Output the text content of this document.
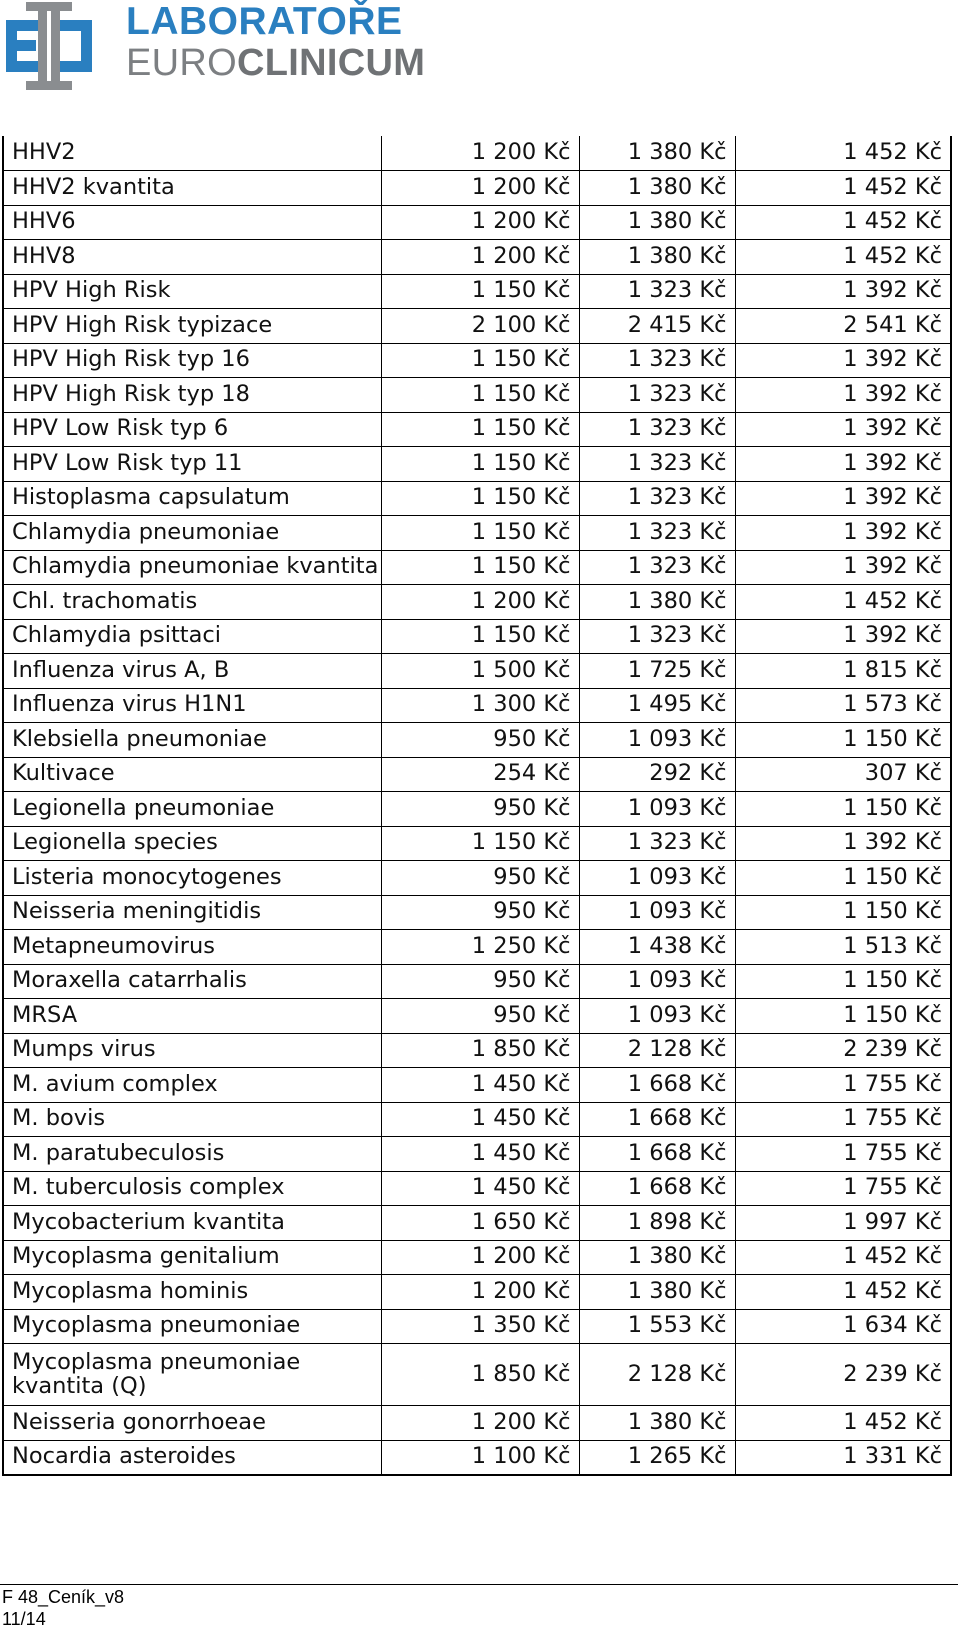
LABORATOŘE
EUROCLINICUM
HHV2	1 200 Kč	1 380 Kč	1 452 Kč
HHV2 kvantita	1 200 Kč	1 380 Kč	1 452 Kč
HHV6	1 200 Kč	1 380 Kč	1 452 Kč
HHV8	1 200 Kč	1 380 Kč	1 452 Kč
HPV High Risk	1 150 Kč	1 323 Kč	1 392 Kč
HPV High Risk typizace	2 100 Kč	2 415 Kč	2 541 Kč
HPV High Risk typ 16	1 150 Kč	1 323 Kč	1 392 Kč
HPV High Risk typ 18	1 150 Kč	1 323 Kč	1 392 Kč
HPV Low Risk typ 6	1 150 Kč	1 323 Kč	1 392 Kč
HPV Low Risk typ 11	1 150 Kč	1 323 Kč	1 392 Kč
Histoplasma capsulatum	1 150 Kč	1 323 Kč	1 392 Kč
Chlamydia pneumoniae	1 150 Kč	1 323 Kč	1 392 Kč
Chlamydia pneumoniae kvantita	1 150 Kč	1 323 Kč	1 392 Kč
Chl. trachomatis	1 200 Kč	1 380 Kč	1 452 Kč
Chlamydia psittaci	1 150 Kč	1 323 Kč	1 392 Kč
Influenza virus A, B	1 500 Kč	1 725 Kč	1 815 Kč
Influenza virus H1N1	1 300 Kč	1 495 Kč	1 573 Kč
Klebsiella pneumoniae	950 Kč	1 093 Kč	1 150 Kč
Kultivace	254 Kč	292 Kč	307 Kč
Legionella pneumoniae	950 Kč	1 093 Kč	1 150 Kč
Legionella species	1 150 Kč	1 323 Kč	1 392 Kč
Listeria monocytogenes	950 Kč	1 093 Kč	1 150 Kč
Neisseria meningitidis	950 Kč	1 093 Kč	1 150 Kč
Metapneumovirus	1 250 Kč	1 438 Kč	1 513 Kč
Moraxella catarrhalis	950 Kč	1 093 Kč	1 150 Kč
MRSA	950 Kč	1 093 Kč	1 150 Kč
Mumps virus	1 850 Kč	2 128 Kč	2 239 Kč
M. avium complex	1 450 Kč	1 668 Kč	1 755 Kč
M. bovis	1 450 Kč	1 668 Kč	1 755 Kč
M. paratubeculosis	1 450 Kč	1 668 Kč	1 755 Kč
M. tuberculosis complex	1 450 Kč	1 668 Kč	1 755 Kč
Mycobacterium kvantita	1 650 Kč	1 898 Kč	1 997 Kč
Mycoplasma genitalium	1 200 Kč	1 380 Kč	1 452 Kč
Mycoplasma hominis	1 200 Kč	1 380 Kč	1 452 Kč
Mycoplasma pneumoniae	1 350 Kč	1 553 Kč	1 634 Kč
Mycoplasma pneumoniae kvantita (Q)	1 850 Kč	2 128 Kč	2 239 Kč
Neisseria gonorrhoeae	1 200 Kč	1 380 Kč	1 452 Kč
Nocardia asteroides	1 100 Kč	1 265 Kč	1 331 Kč
F 48_Ceník_v8
11/14
